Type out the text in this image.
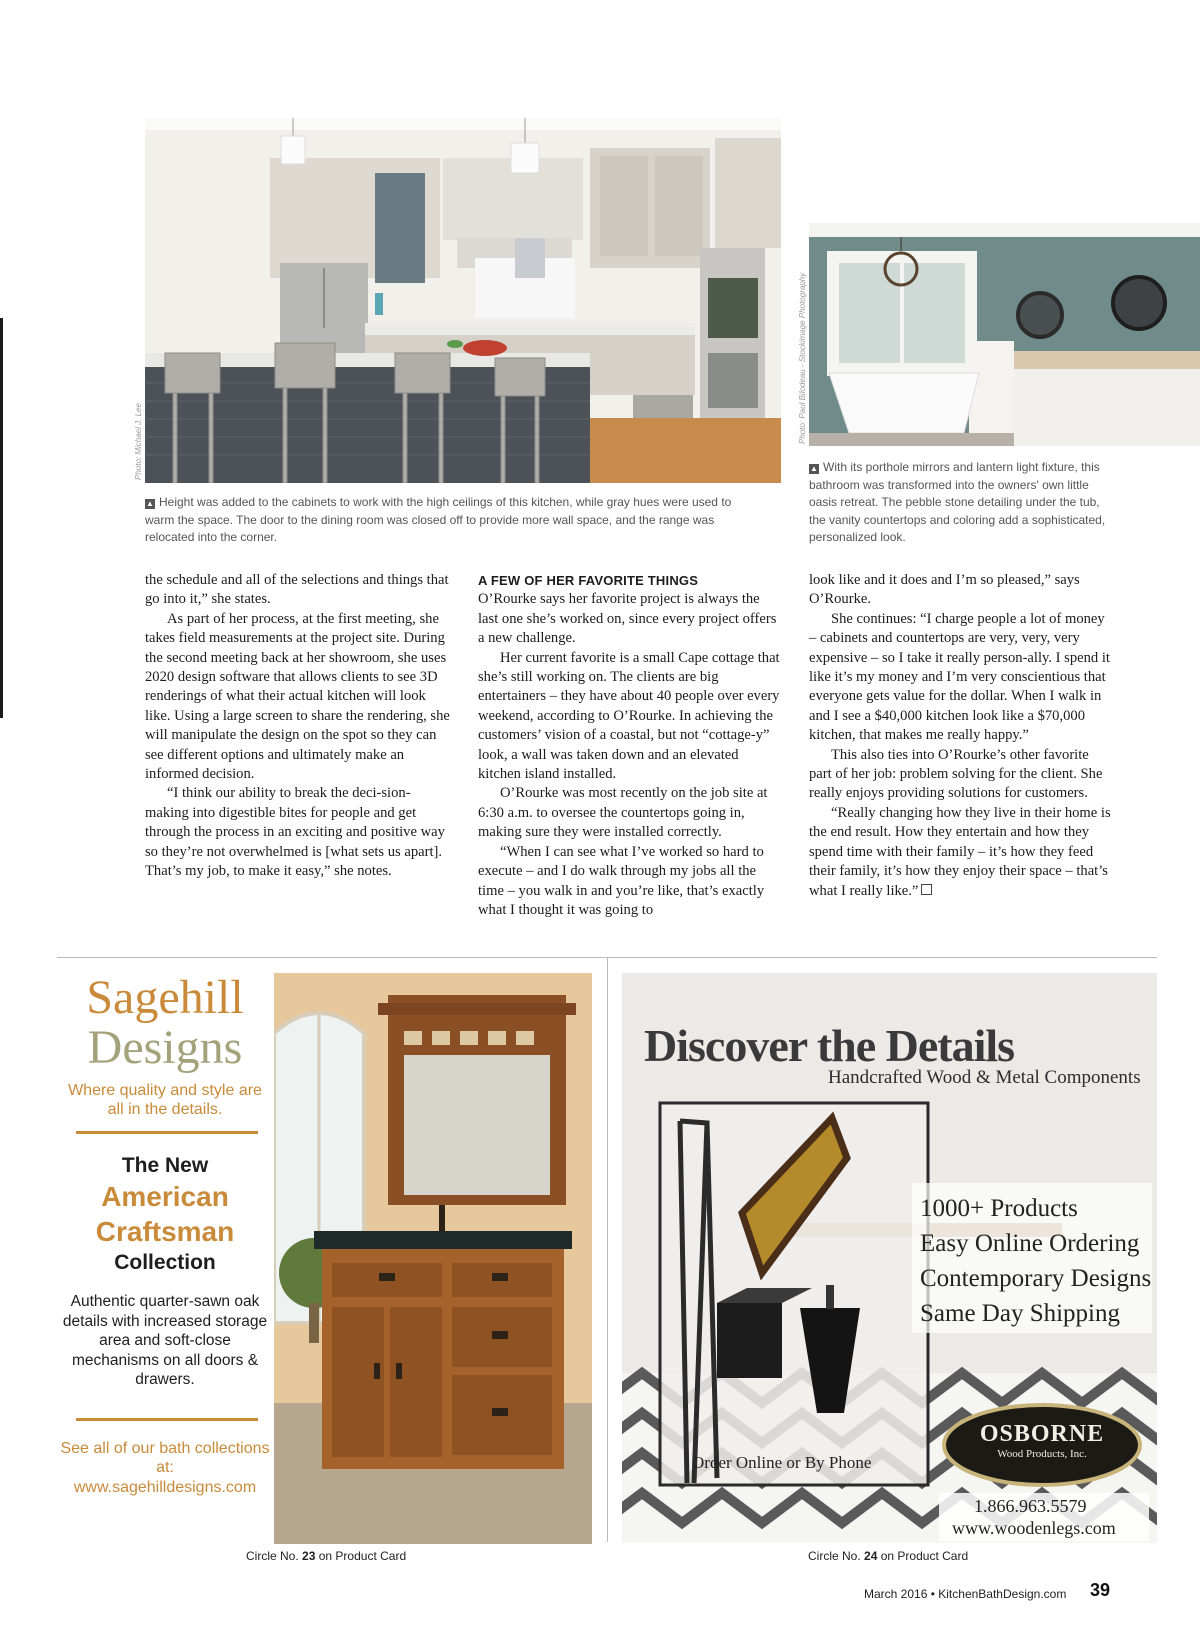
Photo: Michael J. Lee	Photo: Paul Bilodeau - Stockimage Photography
▲ Height was added to the cabinets to work with the high ceilings of this kitchen, while gray hues were used to warm the space. The door to the dining room was closed off to provide more wall space, and the range was relocated into the corner.
▲ With its porthole mirrors and lantern light fixture, this bathroom was transformed into the owners' own little oasis retreat. The pebble stone detailing under the tub, the vanity countertops and coloring add a sophisticated, personalized look.

the schedule and all of the selections and things that go into it,” she states.

As part of her process, at the first meeting, she takes field measurements at the project site. During the second meeting back at her showroom, she uses 2020 design software that allows clients to see 3D renderings of what their actual kitchen will look like. Using a large screen to share the rendering, she will manipulate the design on the spot so they can see different options and ultimately make an informed decision.

“I think our ability to break the deci-sion-making into digestible bites for people and get through the process in an exciting and positive way so they’re not overwhelmed is [what sets us apart]. That’s my job, to make it easy,” she notes.

A FEW OF HER FAVORITE THINGS

O’Rourke says her favorite project is always the last one she’s worked on, since every project offers a new challenge.

Her current favorite is a small Cape cottage that she’s still working on. The clients are big entertainers – they have about 40 people over every weekend, according to O’Rourke. In achieving the customers’ vision of a coastal, but not “cottage-y” look, a wall was taken down and an elevated kitchen island installed.

O’Rourke was most recently on the job site at 6:30 a.m. to oversee the countertops going in, making sure they were installed correctly.

“When I can see what I’ve worked so hard to execute – and I do walk through my jobs all the time – you walk in and you’re like, that’s exactly what I thought it was going to

look like and it does and I’m so pleased,” says O’Rourke.

She continues: “I charge people a lot of money – cabinets and countertops are very, very, very expensive – so I take it really person-ally. I spend it like it’s my money and I’m very conscientious that everyone gets value for the dollar. When I walk in and I see a $40,000 kitchen look like a $70,000 kitchen, that makes me really happy.”

This also ties into O’Rourke’s other favorite part of her job: problem solving for the client. She really enjoys providing solutions for customers.

“Really changing how they live in their home is the end result. How they entertain and how they spend time with their family – it’s how they feed their family, it’s how they enjoy their space – that’s what I really like.”

Sagehill
Designs
Where quality and style are all in the details.
The New
American
Craftsman
Collection
Authentic quarter-sawn oak details with increased storage area and soft-close mechanisms on all doors & drawers.
See all of our bath collections at:
www.sagehilldesigns.com
Circle No. 23 on Product Card
Discover the Details
Handcrafted Wood & Metal Components
1000+ Products
Easy Online Ordering
Contemporary Designs
Same Day Shipping
Order Online or By Phone
OSBORNE
Wood Products, Inc.
1.866.963.5579
www.woodenlegs.com
Circle No. 24 on Product Card
March 2016 • KitchenBathDesign.com 39
